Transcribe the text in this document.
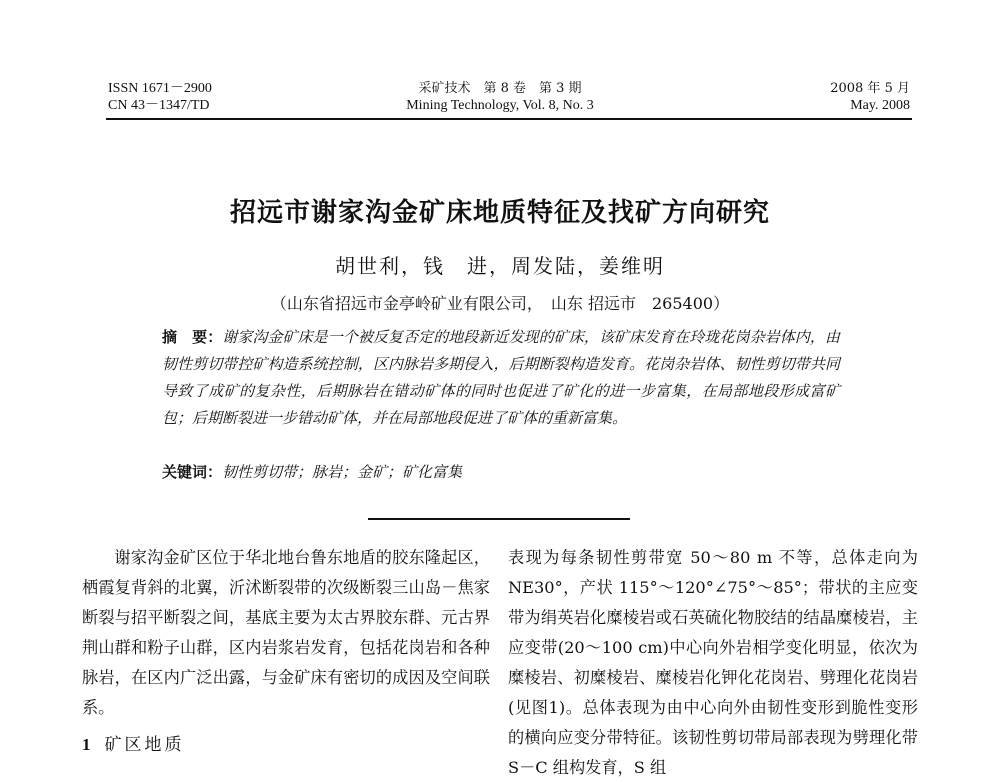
ISSN 1671－2900
CN 43－1347/TD
采矿技术　第 8 卷　第 3 期
Mining Technology, Vol. 8, No. 3
2008 年 5 月
May. 2008
招远市谢家沟金矿床地质特征及找矿方向研究
胡世利，钱　进，周发陆，姜维明
（山东省招远市金亭岭矿业有限公司，　山东 招远市　265400）
摘　要：谢家沟金矿床是一个被反复否定的地段新近发现的矿床，该矿床发育在玲珑花岗杂岩体内，由韧性剪切带控矿构造系统控制，区内脉岩多期侵入，后期断裂构造发育。花岗杂岩体、韧性剪切带共同导致了成矿的复杂性，后期脉岩在错动矿体的同时也促进了矿化的进一步富集，在局部地段形成富矿包；后期断裂进一步错动矿体，并在局部地段促进了矿体的重新富集。
关键词：韧性剪切带；脉岩；金矿；矿化富集
谢家沟金矿区位于华北地台鲁东地盾的胶东隆起区，栖霞复背斜的北翼，沂沭断裂带的次级断裂三山岛－焦家断裂与招平断裂之间，基底主要为太古界胶东群、元古界荆山群和粉子山群，区内岩浆岩发育，包括花岗岩和各种脉岩，在区内广泛出露，与金矿床有密切的成因及空间联系。
1 矿区地质
表现为每条韧性剪带宽 50～80 m 不等，总体走向为 NE30°，产状 115°～120°∠75°～85°；带状的主应变带为绢英岩化糜棱岩或石英硫化物胶结的结晶糜棱岩，主应变带(20～100 cm)中心向外岩相学变化明显，依次为糜棱岩、初糜棱岩、糜棱岩化钾化花岗岩、劈理化花岗岩(见图1)。总体表现为由中心向外由韧性变形到脆性变形的横向应变分带特征。该韧性剪切带局部表现为劈理化带 S－C 组构发育，S 组
